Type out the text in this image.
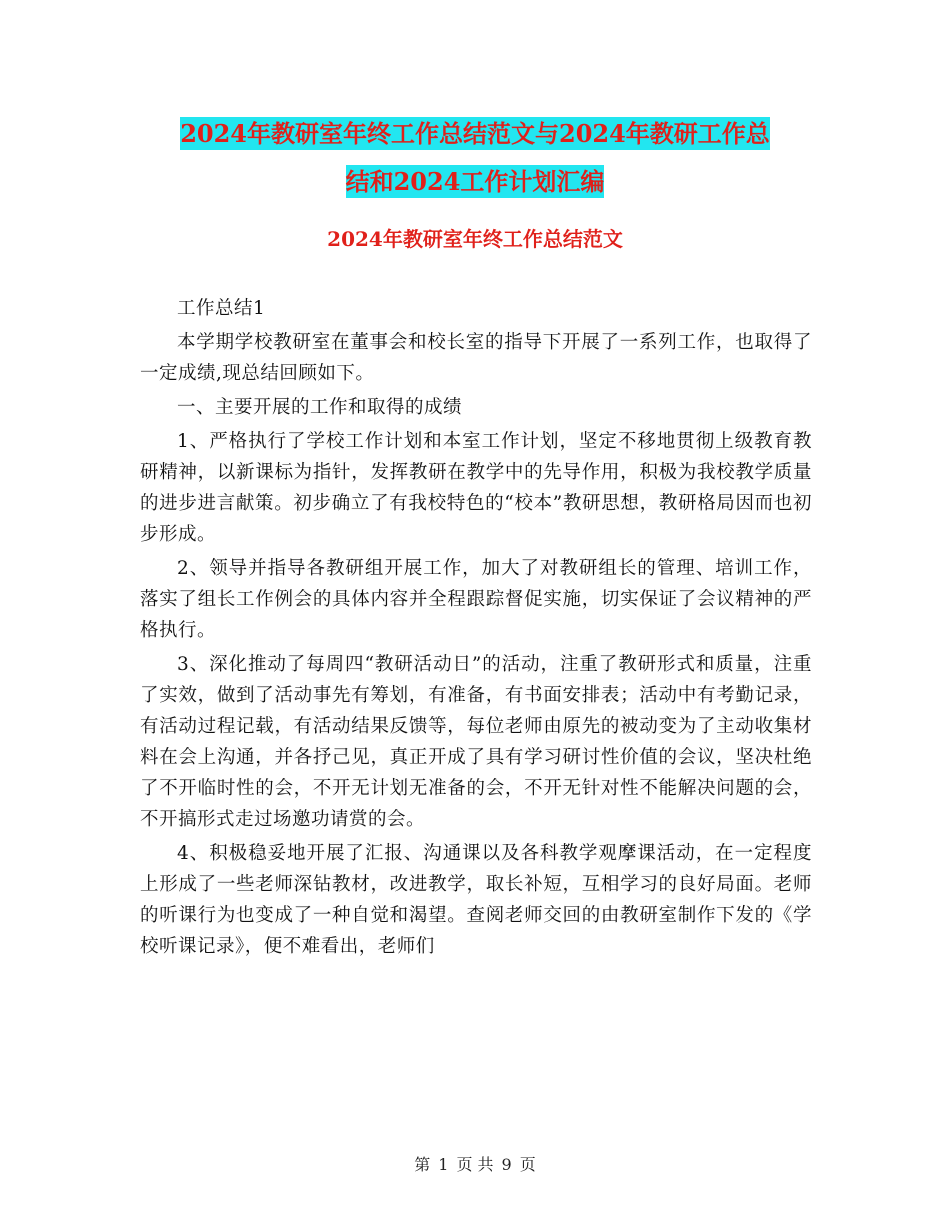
2024年教研室年终工作总结范文与2024年教研工作总
结和2024工作计划汇编
2024年教研室年终工作总结范文

工作总结1

本学期学校教研室在董事会和校长室的指导下开展了一系列工作，也取得了一定成绩,现总结回顾如下。

一、主要开展的工作和取得的成绩

1、严格执行了学校工作计划和本室工作计划，坚定不移地贯彻上级教育教研精神，以新课标为指针，发挥教研在教学中的先导作用，积极为我校教学质量的进步进言献策。初步确立了有我校特色的“校本”教研思想，教研格局因而也初步形成。

2、领导并指导各教研组开展工作，加大了对教研组长的管理、培训工作，落实了组长工作例会的具体内容并全程跟踪督促实施，切实保证了会议精神的严格执行。

3、深化推动了每周四“教研活动日”的活动，注重了教研形式和质量，注重了实效，做到了活动事先有筹划，有准备，有书面安排表；活动中有考勤记录，有活动过程记载，有活动结果反馈等，每位老师由原先的被动变为了主动收集材料在会上沟通，并各抒己见，真正开成了具有学习研讨性价值的会议，坚决杜绝了不开临时性的会，不开无计划无准备的会，不开无针对性不能解决问题的会，不开搞形式走过场邀功请赏的会。

4、积极稳妥地开展了汇报、沟通课以及各科教学观摩课活动，在一定程度上形成了一些老师深钻教材，改进教学，取长补短，互相学习的良好局面。老师的听课行为也变成了一种自觉和渴望。查阅老师交回的由教研室制作下发的《学校听课记录》，便不难看出，老师们

第 1 页 共 9 页
